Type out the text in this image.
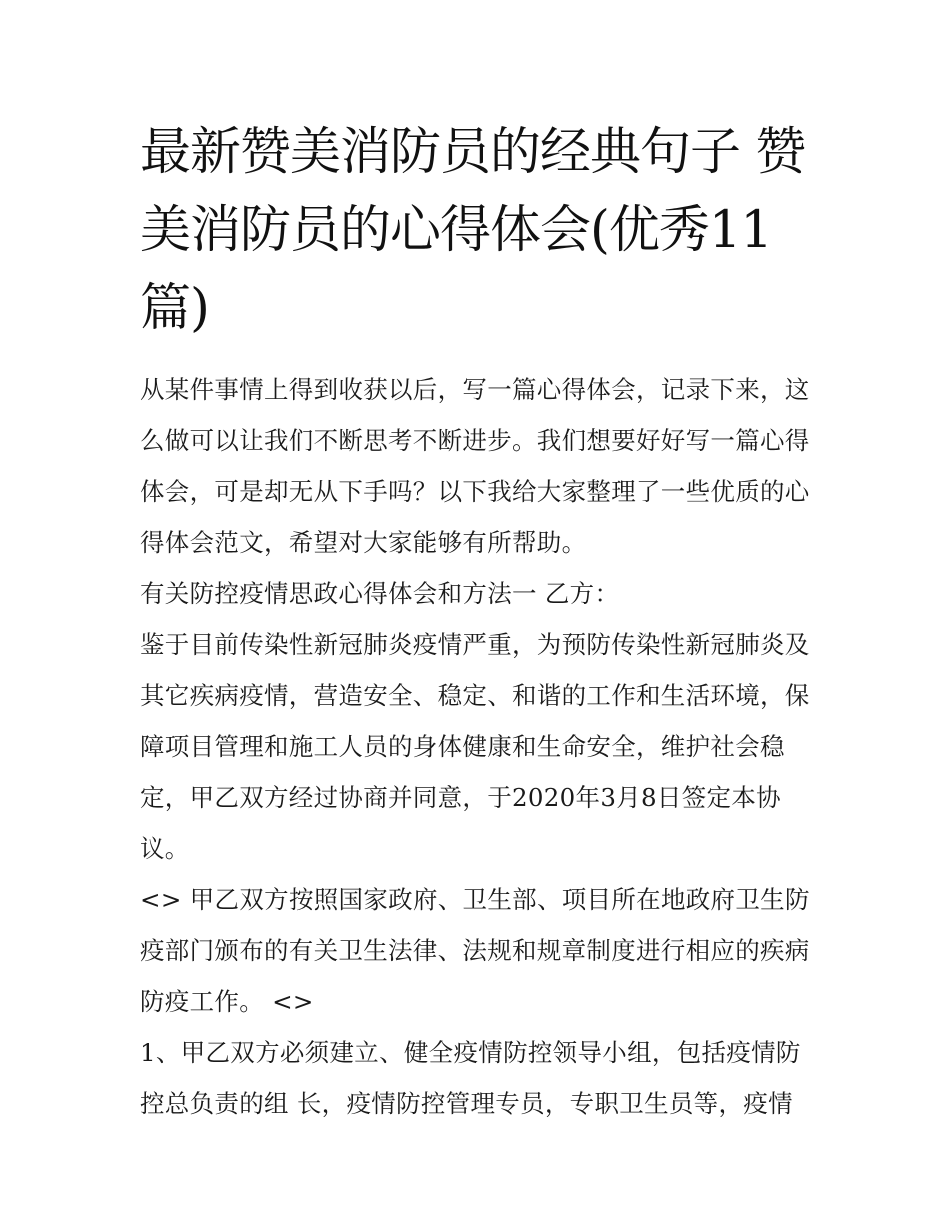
最新赞美消防员的经典句子 赞美消防员的心得体会(优秀11篇)

从某件事情上得到收获以后，写一篇心得体会，记录下来，这么做可以让我们不断思考不断进步。我们想要好好写一篇心得体会，可是却无从下手吗？以下我给大家整理了一些优质的心得体会范文，希望对大家能够有所帮助。

有关防控疫情思政心得体会和方法一 乙方：

鉴于目前传染性新冠肺炎疫情严重，为预防传染性新冠肺炎及其它疾病疫情，营造安全、稳定、和谐的工作和生活环境，保障项目管理和施工人员的身体健康和生命安全，维护社会稳定，甲乙双方经过协商并同意，于2020年3月8日签定本协议。

<> 甲乙双方按照国家政府、卫生部、项目所在地政府卫生防疫部门颁布的有关卫生法律、法规和规章制度进行相应的疾病防疫工作。 <>

1、甲乙双方必须建立、健全疫情防控领导小组，包括疫情防控总负责的组 长，疫情防控管理专员，专职卫生员等，疫情
